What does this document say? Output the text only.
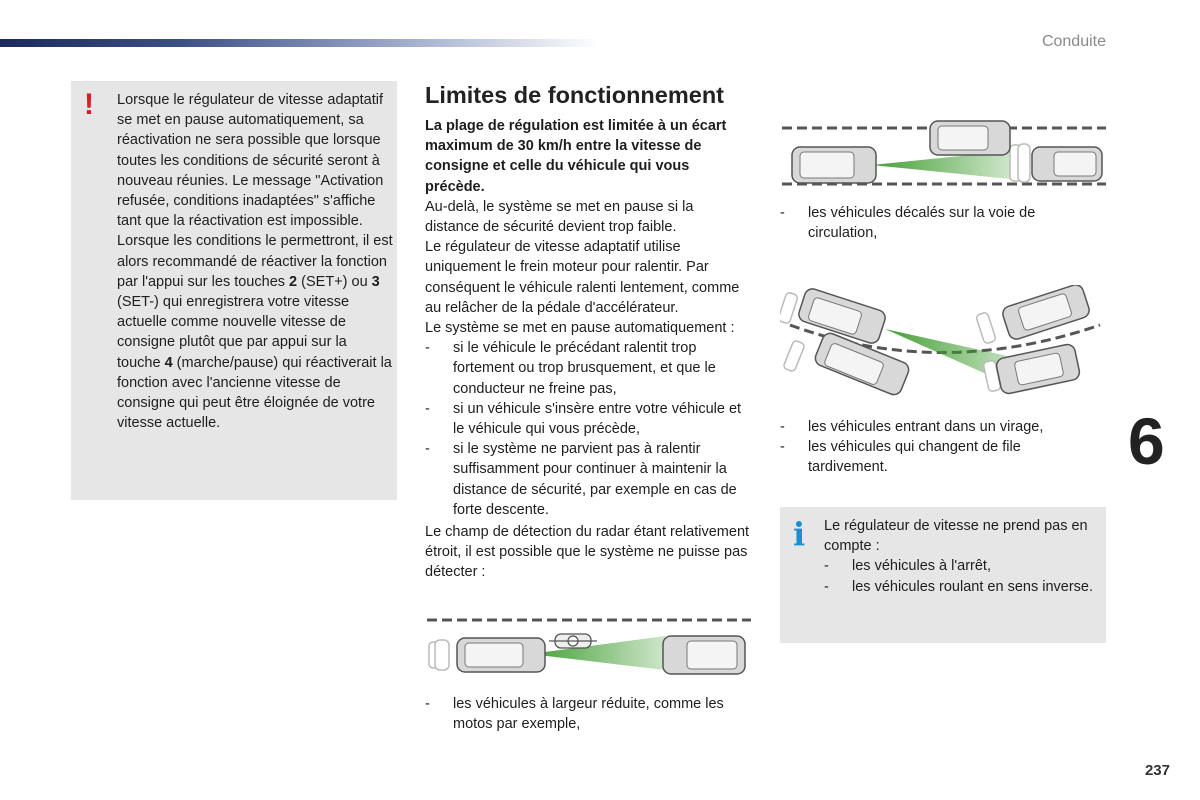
Conduite
! Lorsque le régulateur de vitesse adaptatif se met en pause automatiquement, sa réactivation ne sera possible que lorsque toutes les conditions de sécurité seront à nouveau réunies. Le message "Activation refusée, conditions inadaptées" s'affiche tant que la réactivation est impossible.

Lorsque les conditions le permettront, il est alors recommandé de réactiver la fonction par l'appui sur les touches 2 (SET+) ou 3 (SET-) qui enregistrera votre vitesse actuelle comme nouvelle vitesse de consigne plutôt que par appui sur la touche 4 (marche/pause) qui réactiverait la fonction avec l'ancienne vitesse de consigne qui peut être éloignée de votre vitesse actuelle.

Limites de fonctionnement

La plage de régulation est limitée à un écart maximum de 30 km/h entre la vitesse de consigne et celle du véhicule qui vous précède.

Au-delà, le système se met en pause si la distance de sécurité devient trop faible.

Le régulateur de vitesse adaptatif utilise uniquement le frein moteur pour ralentir. Par conséquent le véhicule ralenti lentement, comme au relâcher de la pédale d'accélérateur.

Le système se met en pause automatiquement :

- si le véhicule le précédant ralentit trop fortement ou trop brusquement, et que le conducteur ne freine pas,
- si un véhicule s'insère entre votre véhicule et le véhicule qui vous précède,
- si le système ne parvient pas à ralentir suffisamment pour continuer à maintenir la distance de sécurité, par exemple en cas de forte descente.

Le champ de détection du radar étant relativement étroit, il est possible que le système ne puisse pas détecter :

- les véhicules à largeur réduite, comme les motos par exemple,
- les véhicules décalés sur la voie de circulation,
- les véhicules entrant dans un virage,
- les véhicules qui changent de file tardivement.
i Le régulateur de vitesse ne prend pas en compte :

- les véhicules à l'arrêt,
- les véhicules roulant en sens inverse.
6
237
